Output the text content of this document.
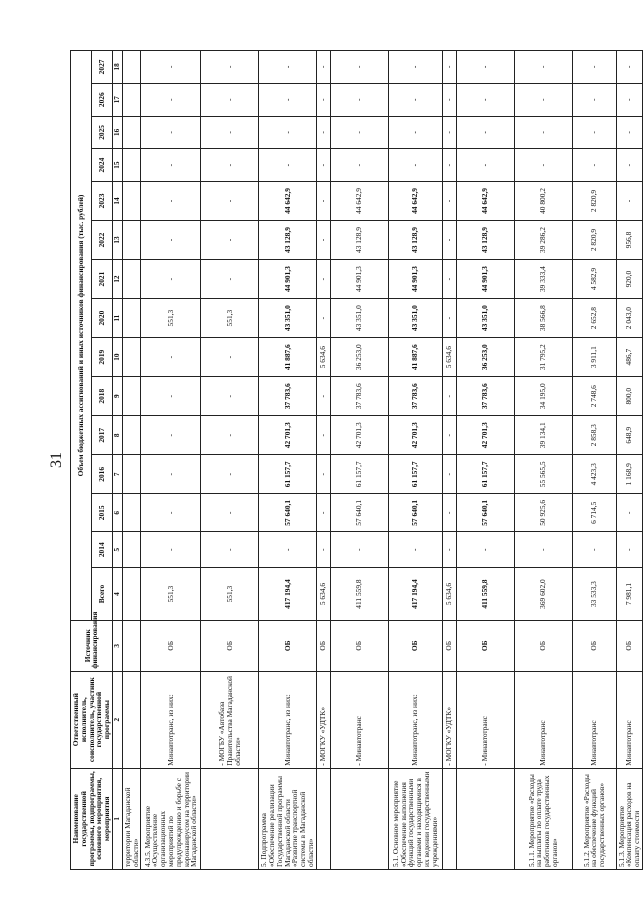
31
Наименование государственной программы, подпрограммы, основного мероприятия, мероприятия	Ответственный исполнитель, соисполнитель, участник государственной программы	Источник финансирования	Объем бюджетных ассигнований и иных источников финансирования (тыс. рублей)														
			Всего	2014	2015	2016	2017	2018	2019	2020	2021	2022	2023	2024	2025	2026	2027
1	2	3	4	5	6	7	8	9	10	11	12	13	14	15	16	17	18
территории Магаданской области»																	
4.3.5. Мероприятие «Осуществление организационных мероприятий по предупреждению и борьбе с коронавирусом на территории Магаданской области»	Минавтотранс, из них:	ОБ	551,3	-	-	-	-	-	-	551,3	-	-	-	-	-	-	-
	- МОГБУ «Автобаза Правительства Магаданской области»	ОБ	551,3	-	-	-	-	-	-	551,3	-	-	-	-	-	-	-
5. Подпрограмма «Обеспечение реализации Государственной программы Магаданской области «Развитие транспортной системы в Магаданской области»	Минавтотранс, из них:	ОБ	417 194,4	-	57 640,1	61 157,7	42 701,3	37 783,6	41 887,6	43 351,0	44 901,3	43 128,9	44 642,9	-	-	-	-
	- МОГКУ «УДТК»	ОБ	5 634,6	-	-	-	-	-	5 634,6	-	-	-	-	-	-	-	-
	- Минавтотранс	ОБ	411 559,8	-	57 640,1	61 157,7	42 701,3	37 783,6	36 253,0	43 351,0	44 901,3	43 128,9	44 642,9	-	-	-	-
5.1. Основное мероприятие «Обеспечение выполнения функций государственными органами и находящимися в их ведении государственными учреждениями»	Минавтотранс, из них:	ОБ	417 194,4	-	57 640,1	61 157,7	42 701,3	37 783,6	41 887,6	43 351,0	44 901,3	43 128,9	44 642,9	-	-	-	-
	- МОГКУ «УДТК»	ОБ	5 634,6	-	-	-	-	-	5 634,6	-	-	-	-	-	-	-	-
	- Минавтотранс	ОБ	411 559,8	-	57 640,1	61 157,7	42 701,3	37 783,6	36 253,0	43 351,0	44 901,3	43 128,9	44 642,9	-	-	-	-
5.1.1. Мероприятие «Расходы на выплаты по оплате труда работников государственных органов»	Минавтотранс	ОБ	369 602,0	-	50 925,6	55 565,5	39 134,1	34 195,0	31 795,2	38 566,8	39 333,4	39 286,2	40 800,2	-	-	-	-
5.1.2. Мероприятие «Расходы на обеспечение функций государственных органов»	Минавтотранс	ОБ	33 533,3	-	6 714,5	4 423,3	2 858,3	2 748,6	3 911,1	2 652,8	4 582,9	2 820,9	2 820,9	-	-	-	-
5.1.3. Мероприятие «Компенсация расходов на оплату стоимости	Минавтотранс	ОБ	7 981,1	-	-	1 168,9	648,9	800,0	486,7	2 043,0	920,0	956,8	-	-	-	-	-
